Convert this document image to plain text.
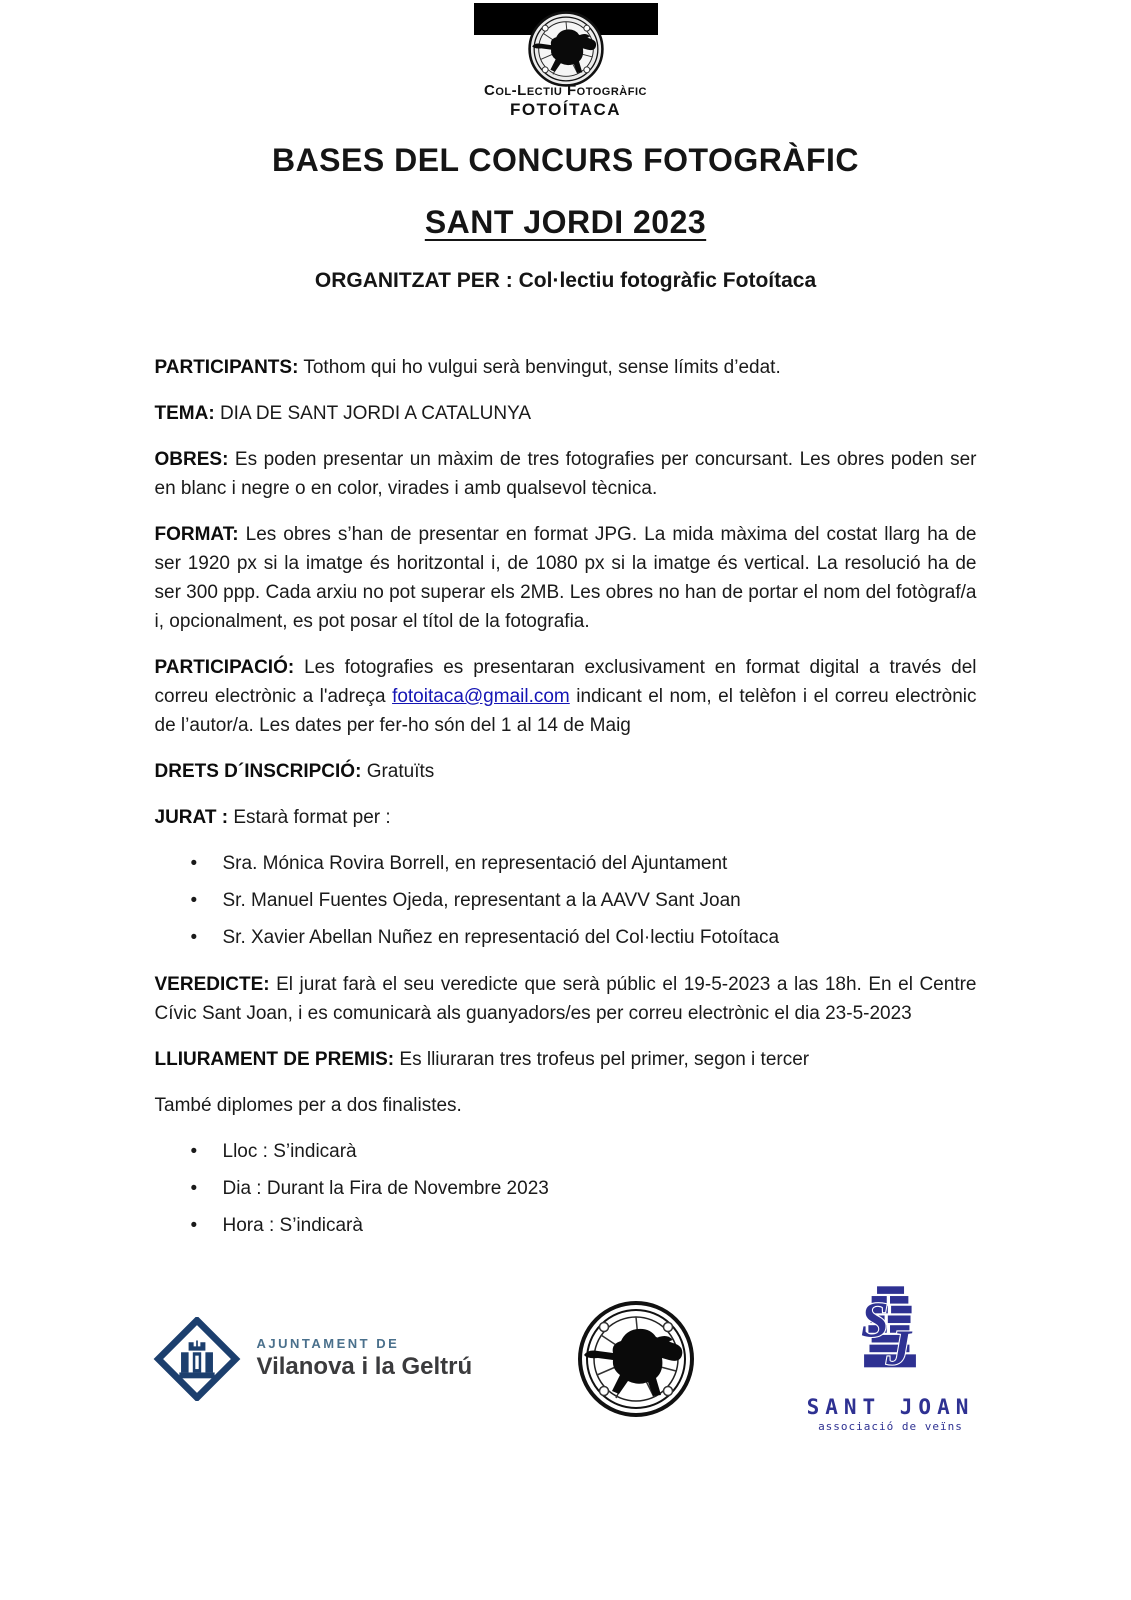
Col-Lectiu Fotogràfic
FOTOÍTACA
BASES DEL CONCURS FOTOGRÀFIC
SANT JORDI 2023
ORGANITZAT PER : Col·lectiu fotogràfic Fotoítaca

PARTICIPANTS: Tothom qui ho vulgui serà benvingut, sense límits d’edat.

TEMA: DIA DE SANT JORDI A CATALUNYA

OBRES: Es poden presentar un màxim de tres fotografies per concursant. Les obres poden ser en blanc i negre o en color, virades i amb qualsevol tècnica.

FORMAT: Les obres s’han de presentar en format JPG. La mida màxima del costat llarg ha de ser 1920 px si la imatge és horitzontal i, de 1080 px si la imatge és vertical. La resolució ha de ser 300 ppp. Cada arxiu no pot superar els 2MB. Les obres no han de portar el nom del fotògraf/a i, opcionalment, es pot posar el títol de la fotografia.

PARTICIPACIÓ: Les fotografies es presentaran exclusivament en format digital a través del correu electrònic a l'adreça fotoitaca@gmail.com indicant el nom, el telèfon i el correu electrònic de l’autor/a. Les dates per fer-ho són del 1 al 14 de Maig

DRETS D´INSCRIPCIÓ: Gratuïts

JURAT : Estarà format per :

• Sra. Mónica Rovira Borrell, en representació del Ajuntament
• Sr. Manuel Fuentes Ojeda, representant a la AAVV Sant Joan
• Sr. Xavier Abellan Nuñez en representació del Col·lectiu Fotoítaca

VEREDICTE: El jurat farà el seu veredicte que serà públic el 19-5-2023 a las 18h. En el Centre Cívic Sant Joan, i es comunicarà als guanyadors/es per correu electrònic el dia 23-5-2023

LLIURAMENT DE PREMIS: Es lliuraran tres trofeus pel primer, segon i tercer

També diplomes per a dos finalistes.

• Lloc : S’indicarà
• Dia : Durant la Fira de Novembre 2023
• Hora : S’indicarà
AJUNTAMENT DE
Vilanova i la Geltrú
S
J
SANT JOAN
associació de veïns
